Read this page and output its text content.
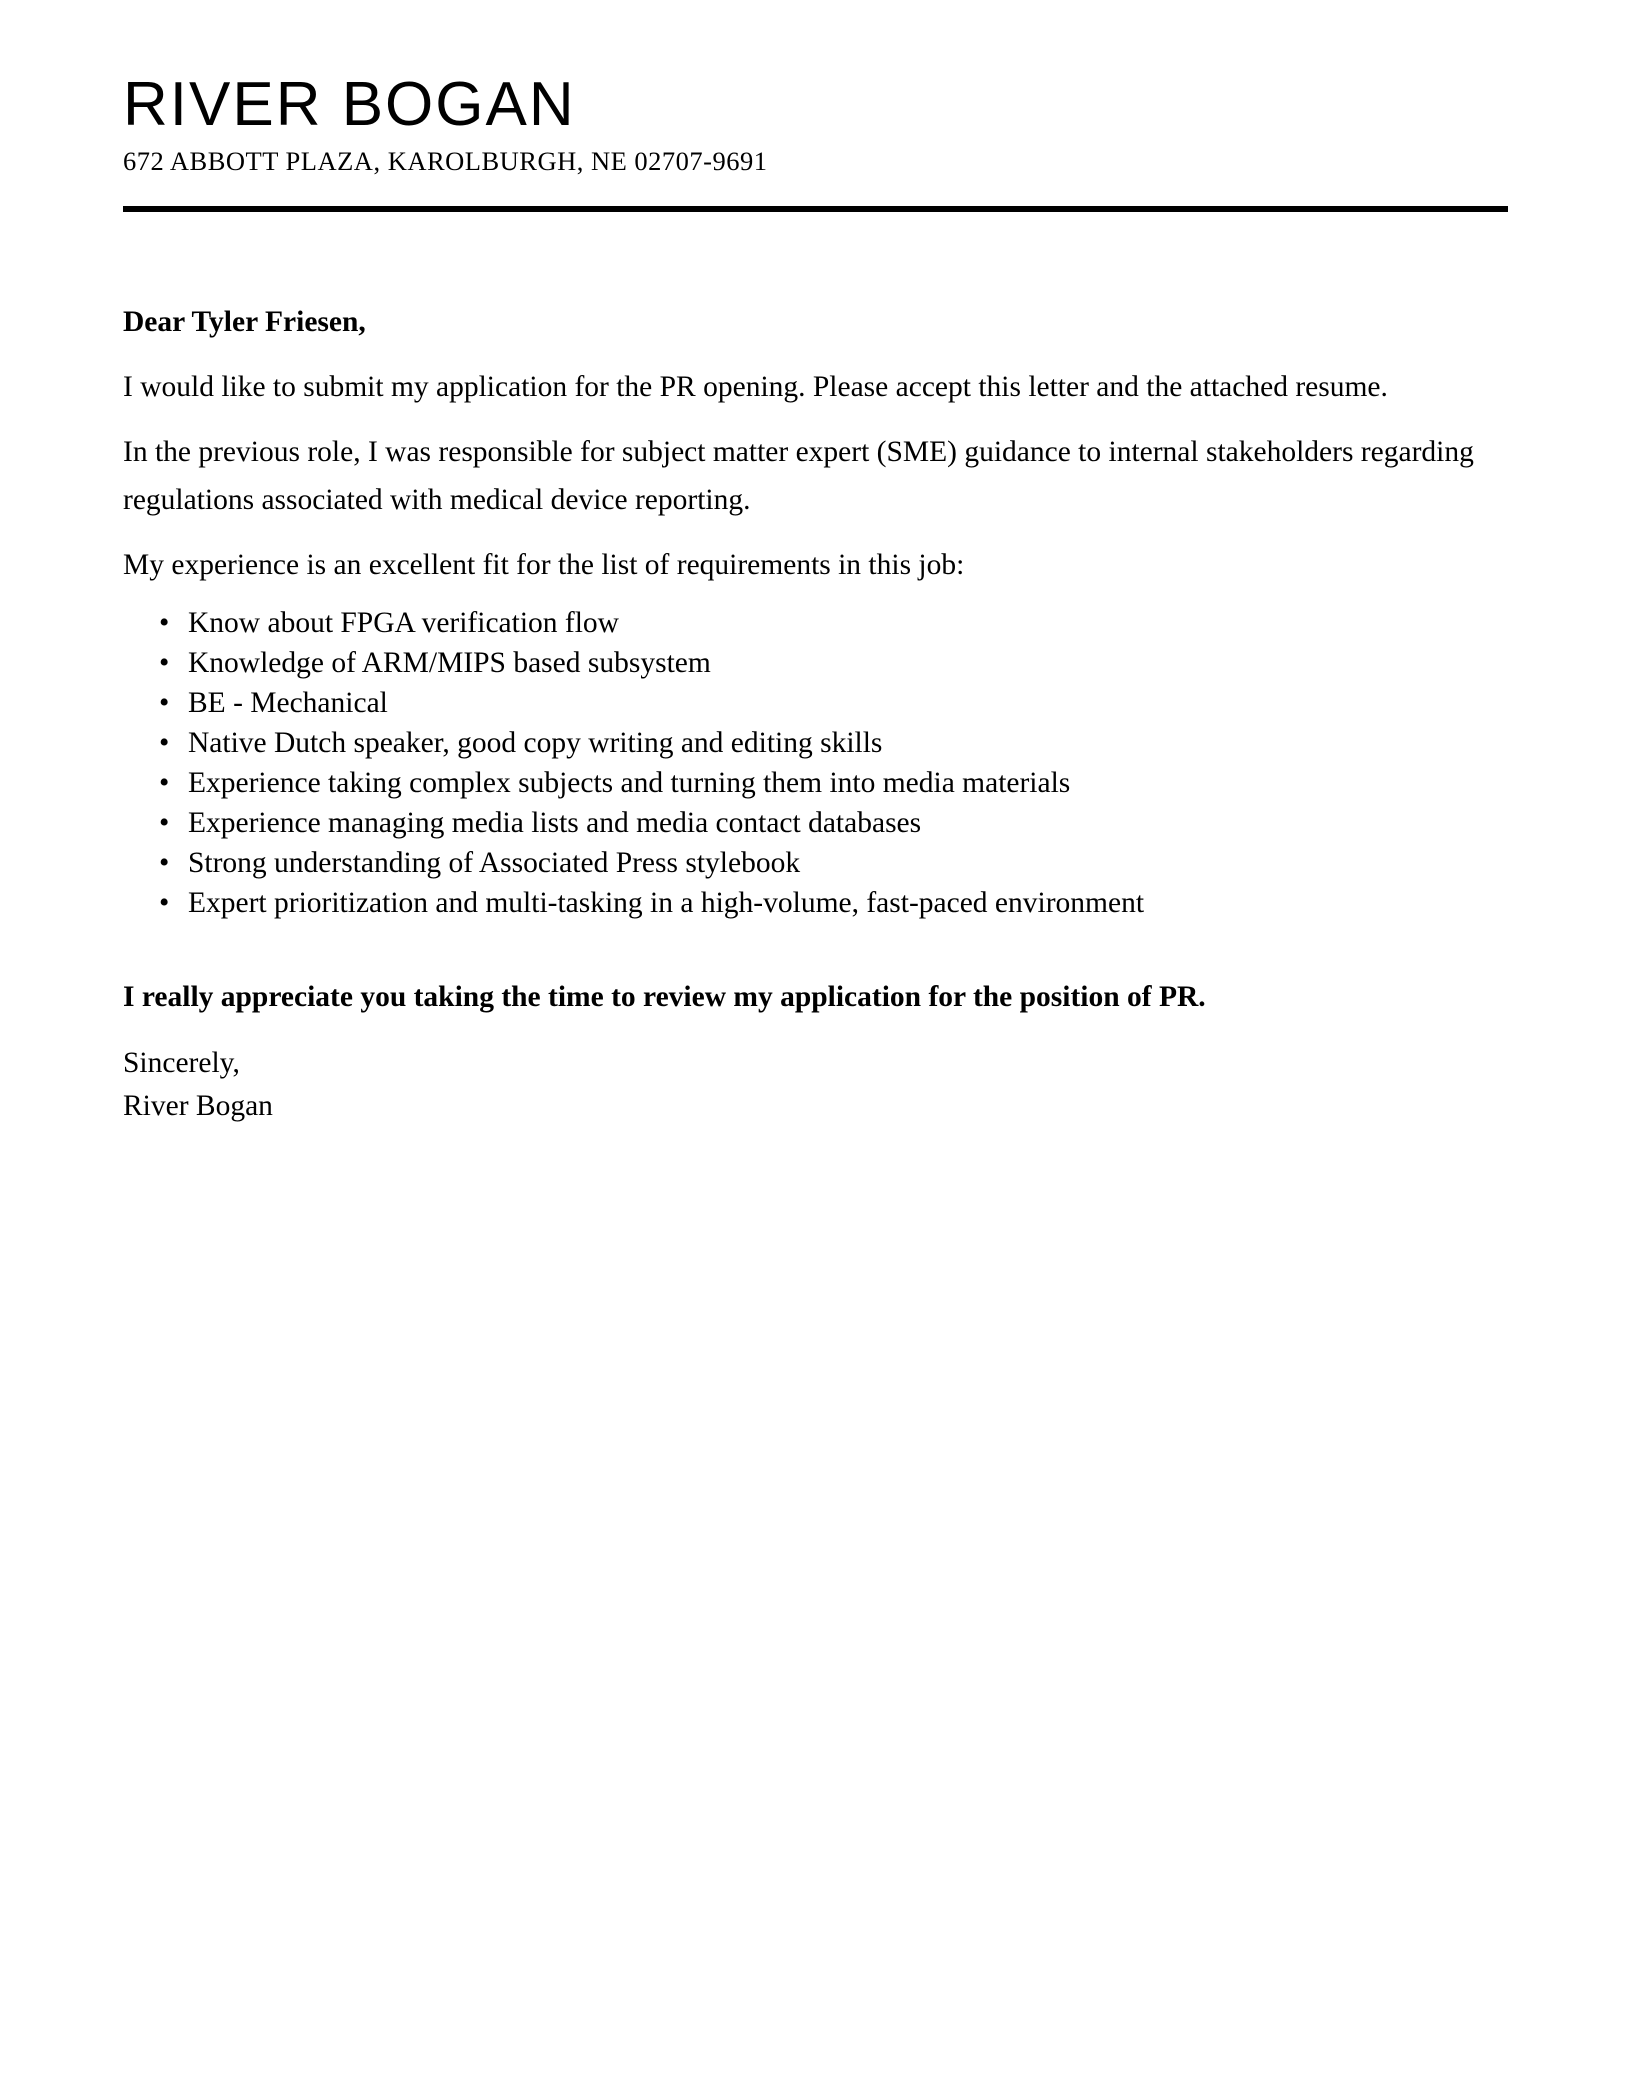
RIVER BOGAN
672 ABBOTT PLAZA, KAROLBURGH, NE 02707-9691

Dear Tyler Friesen,

I would like to submit my application for the PR opening. Please accept this letter and the attached resume.

In the previous role, I was responsible for subject matter expert (SME) guidance to internal stakeholders regarding regulations associated with medical device reporting.

My experience is an excellent fit for the list of requirements in this job:

• Know about FPGA verification flow
• Knowledge of ARM/MIPS based subsystem
• BE - Mechanical
• Native Dutch speaker, good copy writing and editing skills
• Experience taking complex subjects and turning them into media materials
• Experience managing media lists and media contact databases
• Strong understanding of Associated Press stylebook
• Expert prioritization and multi-tasking in a high-volume, fast-paced environment

I really appreciate you taking the time to review my application for the position of PR.

Sincerely,

River Bogan
